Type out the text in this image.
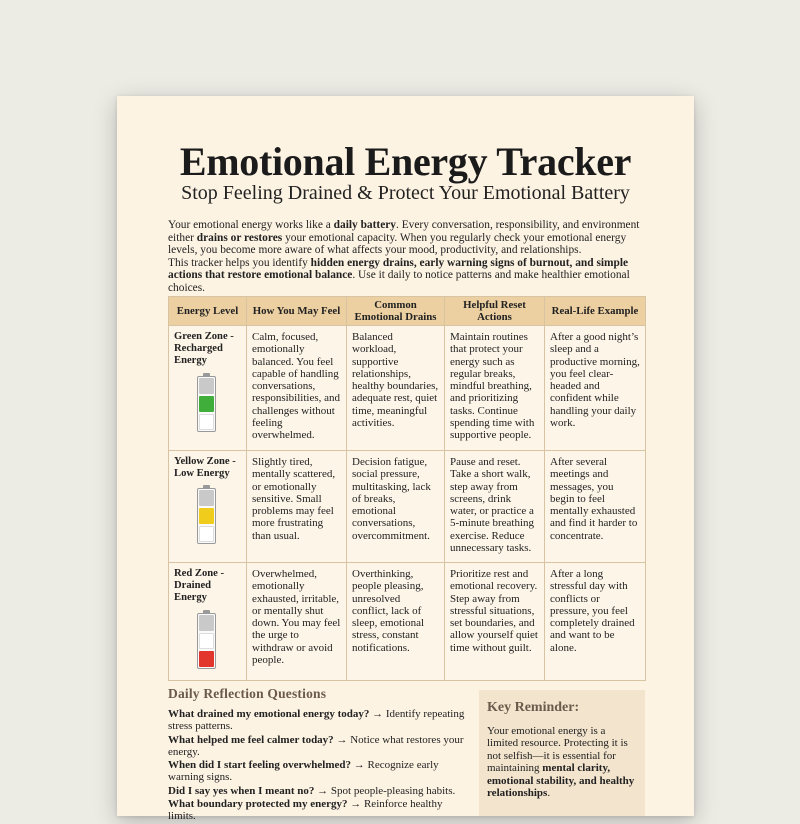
Emotional Energy Tracker
Stop Feeling Drained & Protect Your Emotional Battery

Your emotional energy works like a daily battery. Every conversation, responsibility, and environment either drains or restores your emotional capacity. When you regularly check your emotional energy levels, you become more aware of what affects your mood, productivity, and relationships.

This tracker helps you identify hidden energy drains, early warning signs of burnout, and simple actions that restore emotional balance. Use it daily to notice patterns and make healthier emotional choices.

Energy Level	How You May Feel	Common Emotional Drains	Helpful Reset Actions	Real-Life Example

Green Zone - Recharged Energy	Calm, focused, emotionally balanced. You feel capable of handling conversations, responsibilities, and challenges without feeling overwhelmed.	Balanced workload, supportive relationships, healthy boundaries, adequate rest, quiet time, meaningful activities.	Maintain routines that protect your energy such as regular breaks, mindful breathing, and prioritizing tasks. Continue spending time with supportive people.	After a good night’s sleep and a productive morning, you feel clear-headed and confident while handling your daily work.

Yellow Zone - Low Energy	Slightly tired, mentally scattered, or emotionally sensitive. Small problems may feel more frustrating than usual.	Decision fatigue, social pressure, multitasking, lack of breaks, emotional conversations, overcommitment.	Pause and reset. Take a short walk, step away from screens, drink water, or practice a 5-minute breathing exercise. Reduce unnecessary tasks.	After several meetings and messages, you begin to feel mentally exhausted and find it harder to concentrate.

Red Zone - Drained Energy	Overwhelmed, emotionally exhausted, irritable, or mentally shut down. You may feel the urge to withdraw or avoid people.	Overthinking, people pleasing, unresolved conflict, lack of sleep, emotional stress, constant notifications.	Prioritize rest and emotional recovery. Step away from stressful situations, set boundaries, and allow yourself quiet time without guilt.	After a long stressful day with conflicts or pressure, you feel completely drained and want to be alone.
Daily Reflection Questions
What drained my emotional energy today? → Identify repeating stress patterns.
What helped me feel calmer today? → Notice what restores your energy.
When did I start feeling overwhelmed? → Recognize early warning signs.
Did I say yes when I meant no? → Spot people-pleasing habits.
What boundary protected my energy? → Reinforce healthy limits.
Key Reminder:

Your emotional energy is a limited resource. Protecting it is not selfish—it is essential for maintaining mental clarity, emotional stability, and healthy relationships.
